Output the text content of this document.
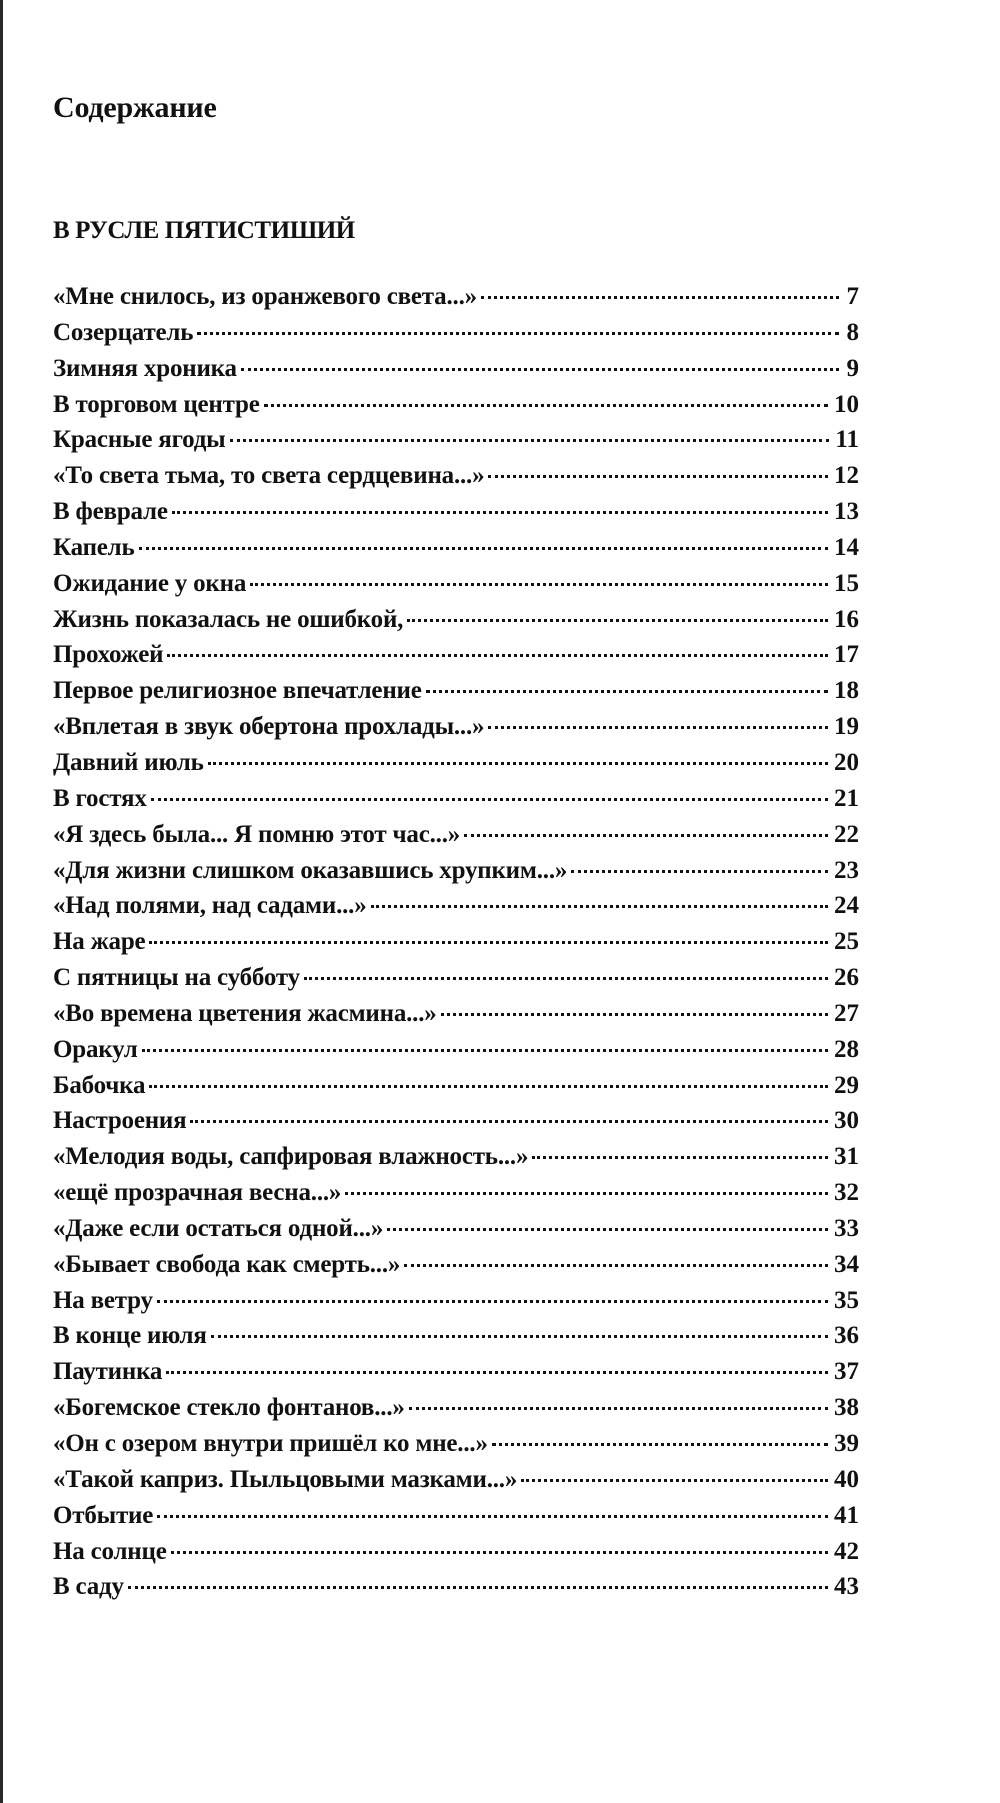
Содержание
В РУСЛЕ ПЯТИСТИШИЙ
«Мне снилось, из оранжевого света...»	7
Созерцатель	8
Зимняя хроника	9
В торговом центре	10
Красные ягоды	11
«То света тьма, то света сердцевина...»	12
В феврале	13
Капель	14
Ожидание у окна	15
Жизнь показалась не ошибкой,	16
Прохожей	17
Первое религиозное впечатление	18
«Вплетая в звук обертона прохлады...»	19
Давний июль	20
В гостях	21
«Я здесь была... Я помню этот час...»	22
«Для жизни слишком оказавшись хрупким...»	23
«Над полями, над садами...»	24
На жаре	25
С пятницы на субботу	26
«Во времена цветения жасмина...»	27
Оракул	28
Бабочка	29
Настроения	30
«Мелодия воды, сапфировая влажность...»	31
«ещё прозрачная весна...»	32
«Даже если остаться одной...»	33
«Бывает свобода как смерть...»	34
На ветру	35
В конце июля	36
Паутинка	37
«Богемское стекло фонтанов...»	38
«Он с озером внутри пришёл ко мне...»	39
«Такой каприз. Пыльцовыми мазками...»	40
Отбытие	41
На солнце	42
В саду	43
